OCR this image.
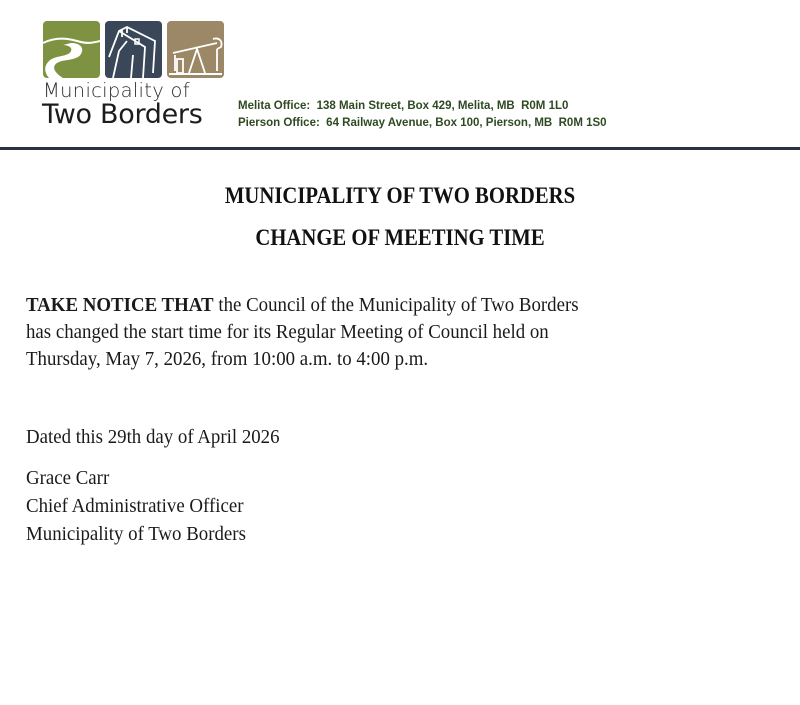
Municipality of
Two Borders	Melita Office:  138 Main Street, Box 429, Melita, MB  R0M 1L0
Pierson Office:  64 Railway Avenue, Box 100, Pierson, MB  R0M 1S0
MUNICIPALITY OF TWO BORDERS
CHANGE OF MEETING TIME

TAKE NOTICE THAT the Council of the Municipality of Two Borders

has changed the start time for its Regular Meeting of Council held on

Thursday, May 7, 2026, from 10:00 a.m. to 4:00 p.m.

Dated this 29th day of April 2026
Grace Carr
Chief Administrative Officer
Municipality of Two Borders
